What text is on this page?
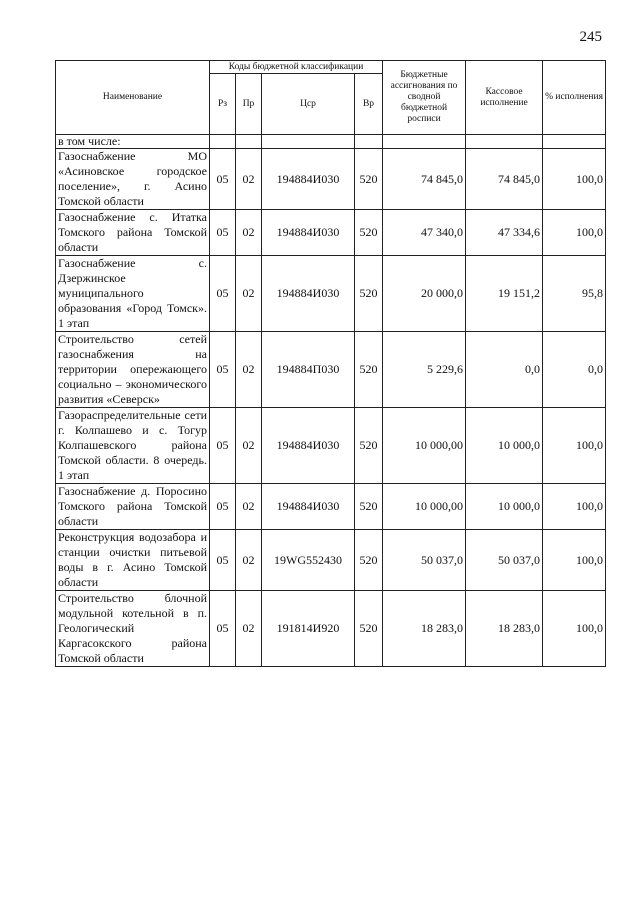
245
Наименование	Коды бюджетной классификации				Бюджетные ассигнования по сводной бюджетной росписи	Кассовое исполнение	% исполнения
	Рз	Пр	Цср	Вр			
в том числе:							
Газоснабжение МО «Асиновское городское поселение», г. Асино Томской области	05	02	194884И030	520	74 845,0	74 845,0	100,0
Газоснабжение с. Итатка Томского района Томской области	05	02	194884И030	520	47 340,0	47 334,6	100,0
Газоснабжение с. Дзержинское муниципального образования «Город Томск». 1 этап	05	02	194884И030	520	20 000,0	19 151,2	95,8
Строительство сетей газоснабжения на территории опережающего социально – экономического развития «Северск»	05	02	194884П030	520	5 229,6	0,0	0,0
Газораспределительные сети г. Колпашево и с. Тогур Колпашевского района Томской области. 8 очередь. 1 этап	05	02	194884И030	520	10 000,00	10 000,0	100,0
Газоснабжение д. Поросино Томского района Томской области	05	02	194884И030	520	10 000,00	10 000,0	100,0
Реконструкция водозабора и станции очистки питьевой воды в г. Асино Томской области	05	02	19WG552430	520	50 037,0	50 037,0	100,0
Строительство блочной модульной котельной в п. Геологический Каргасокского района Томской области	05	02	191814И920	520	18 283,0	18 283,0	100,0
